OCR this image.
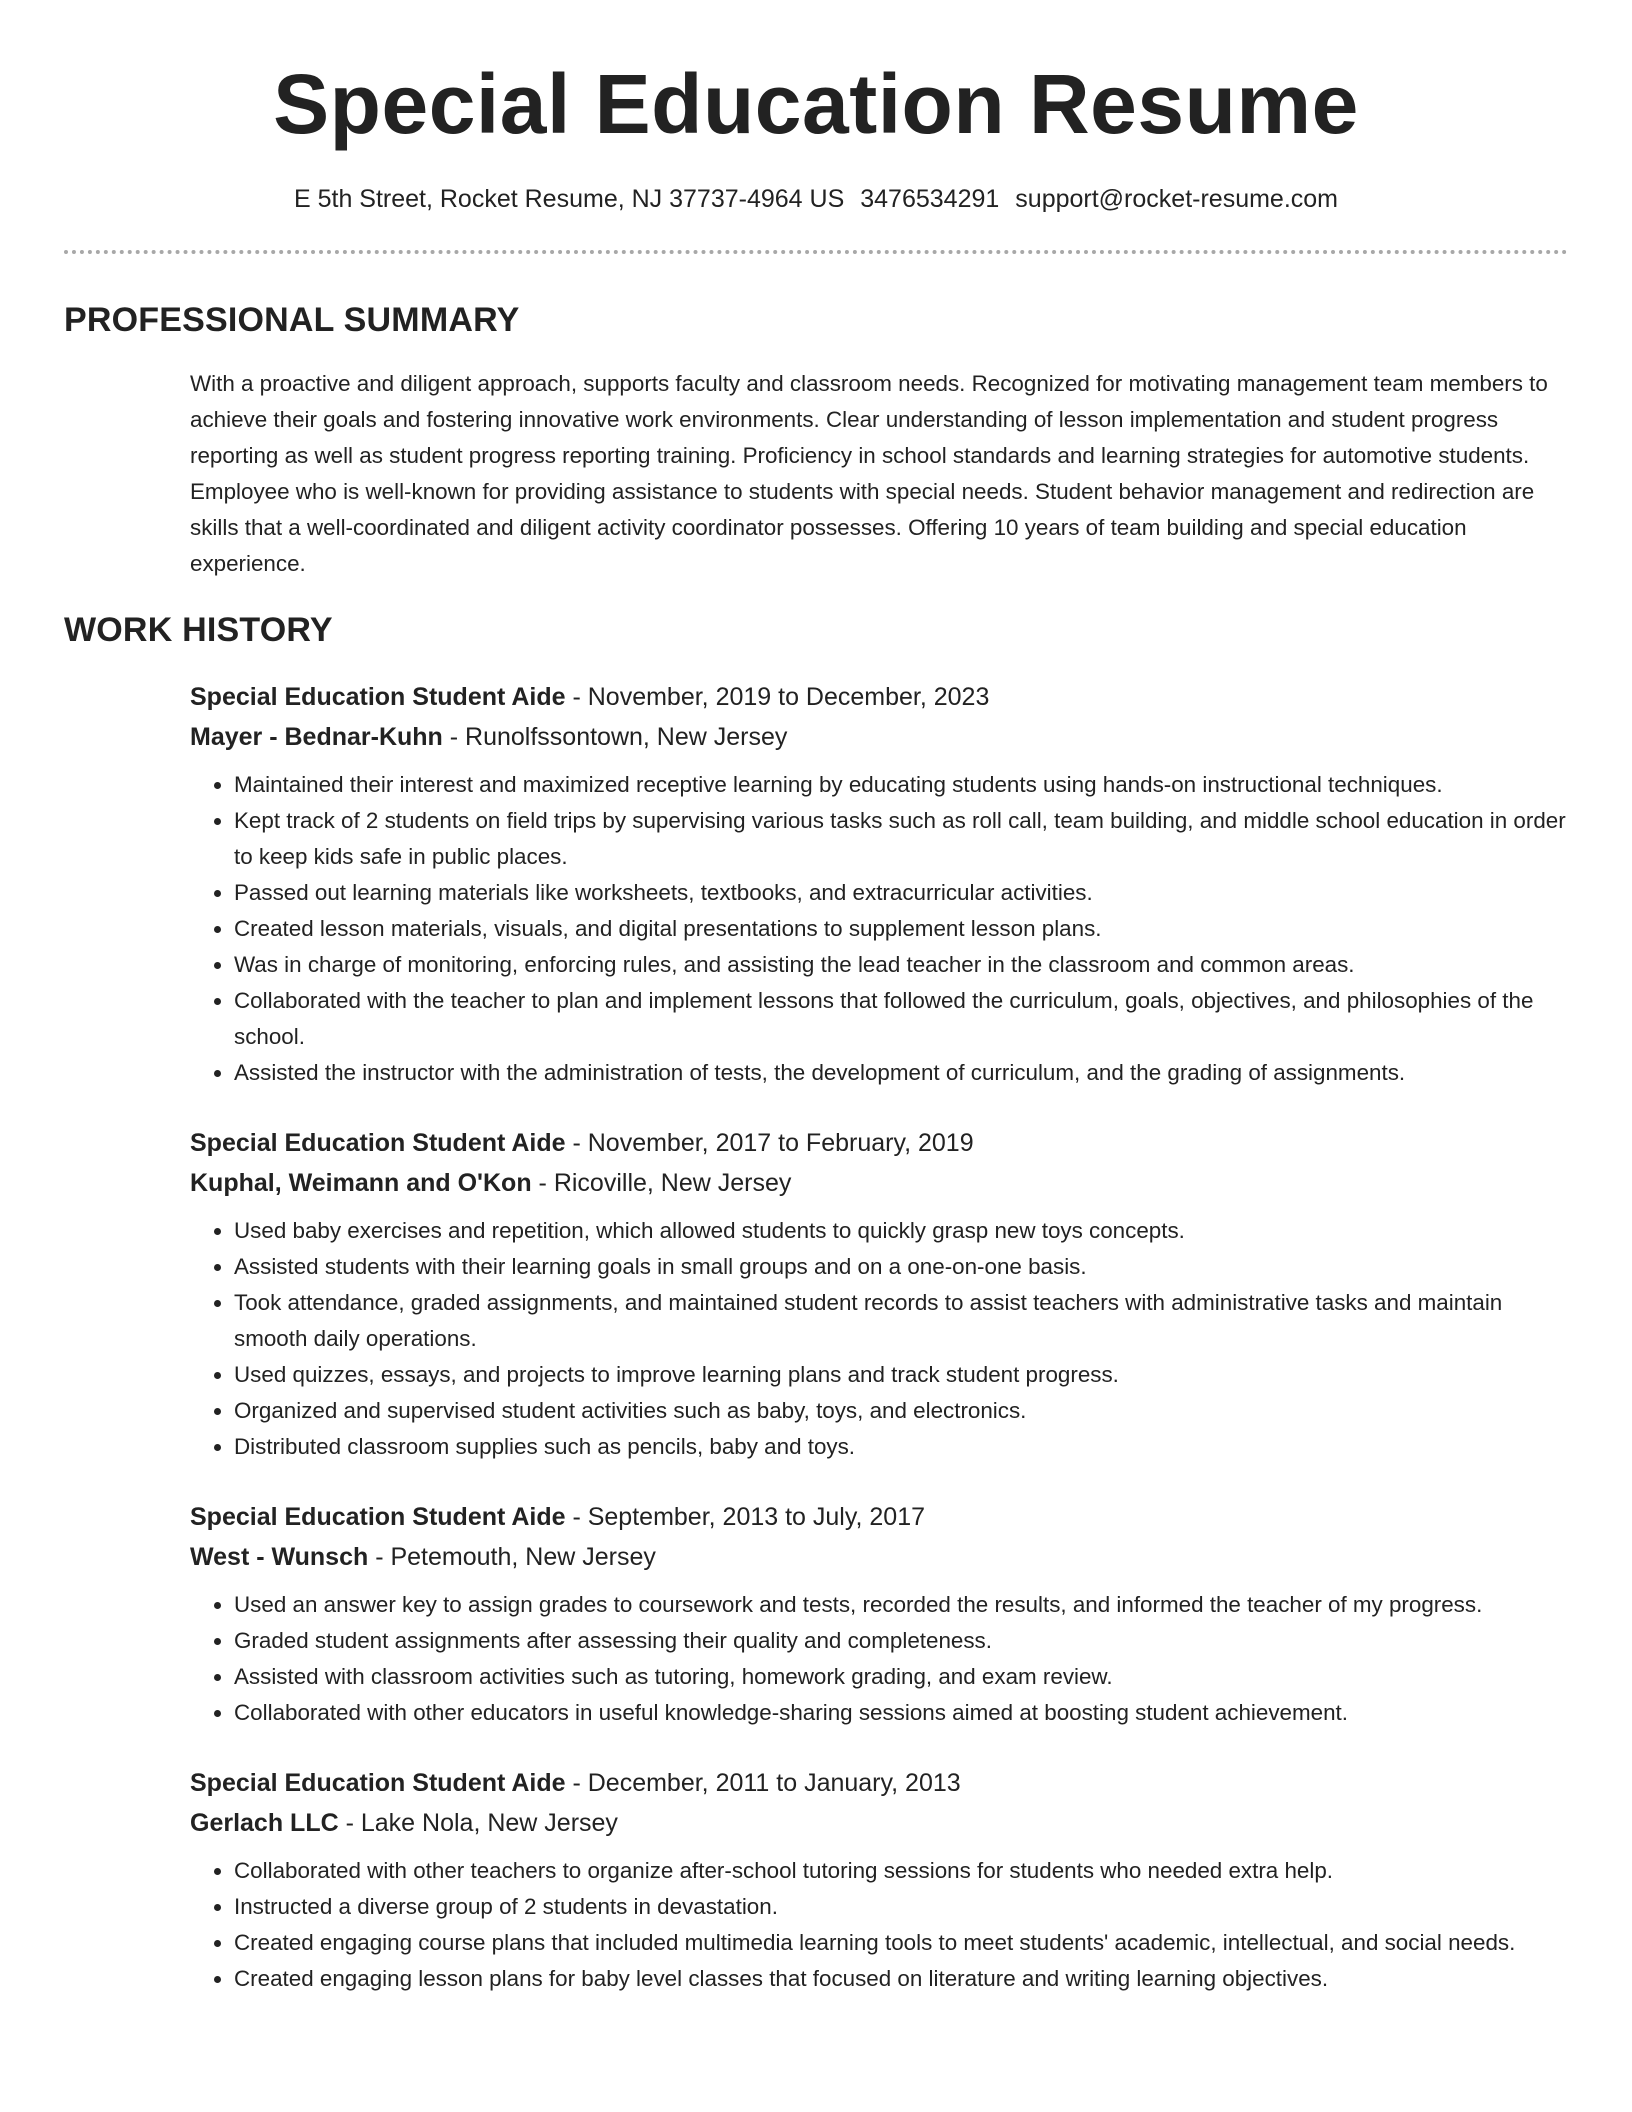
Special Education Resume
E 5th Street, Rocket Resume, NJ 37737-4964 US 3476534291 support@rocket-resume.com
PROFESSIONAL SUMMARY

With a proactive and diligent approach, supports faculty and classroom needs. Recognized for motivating management team members to achieve their goals and fostering innovative work environments. Clear understanding of lesson implementation and student progress reporting as well as student progress reporting training. Proficiency in school standards and learning strategies for automotive students. Employee who is well-known for providing assistance to students with special needs. Student behavior management and redirection are skills that a well-coordinated and diligent activity coordinator possesses. Offering 10 years of team building and special education experience.

WORK HISTORY
Special Education Student Aide - November, 2019 to December, 2023
Mayer - Bednar-Kuhn - Runolfssontown, New Jersey
• Maintained their interest and maximized receptive learning by educating students using hands-on instructional techniques.
• Kept track of 2 students on field trips by supervising various tasks such as roll call, team building, and middle school education in order to keep kids safe in public places.
• Passed out learning materials like worksheets, textbooks, and extracurricular activities.
• Created lesson materials, visuals, and digital presentations to supplement lesson plans.
• Was in charge of monitoring, enforcing rules, and assisting the lead teacher in the classroom and common areas.
• Collaborated with the teacher to plan and implement lessons that followed the curriculum, goals, objectives, and philosophies of the school.
• Assisted the instructor with the administration of tests, the development of curriculum, and the grading of assignments.
Special Education Student Aide - November, 2017 to February, 2019
Kuphal, Weimann and O'Kon - Ricoville, New Jersey
• Used baby exercises and repetition, which allowed students to quickly grasp new toys concepts.
• Assisted students with their learning goals in small groups and on a one-on-one basis.
• Took attendance, graded assignments, and maintained student records to assist teachers with administrative tasks and maintain smooth daily operations.
• Used quizzes, essays, and projects to improve learning plans and track student progress.
• Organized and supervised student activities such as baby, toys, and electronics.
• Distributed classroom supplies such as pencils, baby and toys.
Special Education Student Aide - September, 2013 to July, 2017
West - Wunsch - Petemouth, New Jersey
• Used an answer key to assign grades to coursework and tests, recorded the results, and informed the teacher of my progress.
• Graded student assignments after assessing their quality and completeness.
• Assisted with classroom activities such as tutoring, homework grading, and exam review.
• Collaborated with other educators in useful knowledge-sharing sessions aimed at boosting student achievement.
Special Education Student Aide - December, 2011 to January, 2013
Gerlach LLC - Lake Nola, New Jersey
• Collaborated with other teachers to organize after-school tutoring sessions for students who needed extra help.
• Instructed a diverse group of 2 students in devastation.
• Created engaging course plans that included multimedia learning tools to meet students' academic, intellectual, and social needs.
• Created engaging lesson plans for baby level classes that focused on literature and writing learning objectives.
